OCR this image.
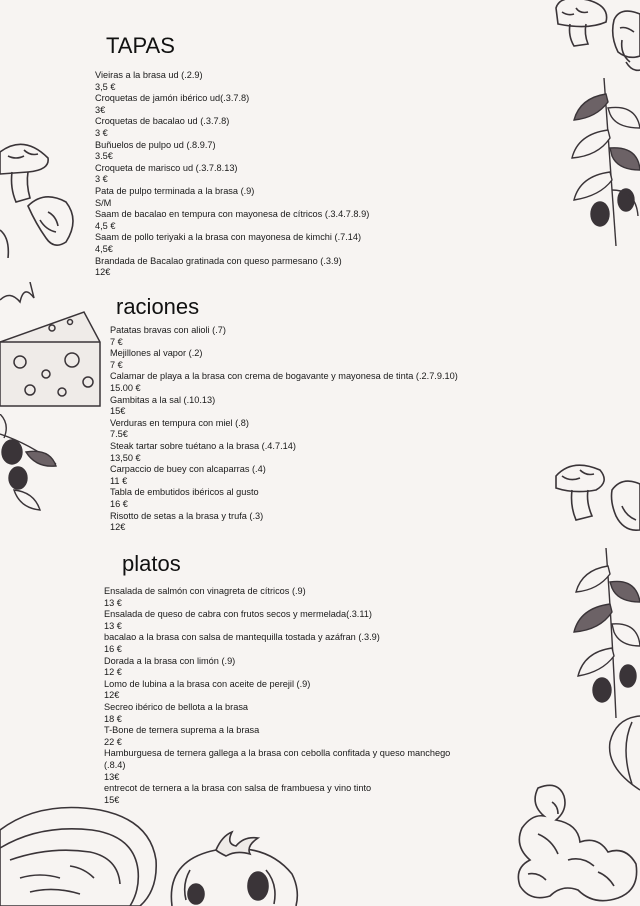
TAPAS
Vieiras a la brasa ud (.2.9)
3,5 €
Croquetas de jamón ibérico ud(.3.7.8)
3€
Croquetas de bacalao ud (.3.7.8)
3 €
Buñuelos de pulpo ud (.8.9.7)
3.5€
Croqueta de marisco ud (.3.7.8.13)
3 €
Pata de pulpo terminada a la brasa (.9)
S/M
Saam de bacalao en tempura con mayonesa de cítricos (.3.4.7.8.9)
4,5 €
Saam de pollo teriyaki a la brasa con mayonesa de kimchi (.7.14)
4,5€
Brandada de Bacalao gratinada con queso parmesano (.3.9)
12€
raciones
Patatas bravas con alioli (.7)
7 €
Mejillones al vapor (.2)
7 €
Calamar de playa a la brasa con crema de bogavante y mayonesa de tinta (.2.7.9.10)
15.00 €
Gambitas a la sal (.10.13)
15€
Verduras en tempura con miel (.8)
7.5€
Steak tartar sobre tuétano a la brasa (.4.7.14)
13,50 €
Carpaccio de buey con alcaparras (.4)
11 €
Tabla de embutidos ibéricos al gusto
16 €
Risotto de setas a la brasa y trufa (.3)
12€
platos
Ensalada de salmón con vinagreta de cítricos (.9)
13 €
Ensalada de queso de cabra con frutos secos y mermelada(.3.11)
13 €
bacalao a la brasa con salsa de mantequilla tostada y azáfran (.3.9)
16 €
Dorada a la brasa con limón (.9)
12 €
Lomo de lubina a la brasa con aceite de perejil (.9)
12€
Secreo ibérico de bellota a la brasa
18 €
T-Bone de ternera suprema a la brasa
22 €
Hamburguesa de ternera gallega a la brasa con cebolla confitada y queso manchego
(.8.4)
13€
entrecot de ternera a la brasa con salsa de frambuesa y vino tinto
15€
